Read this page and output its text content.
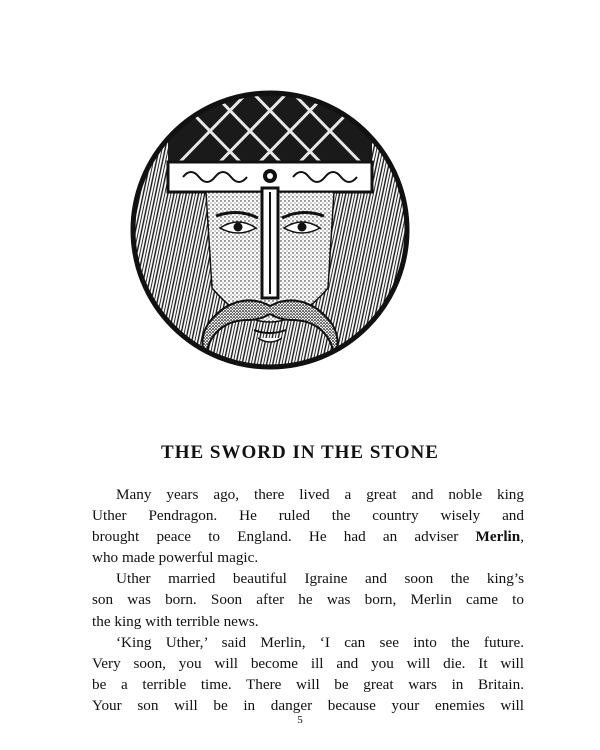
THE SWORD IN THE STONE
Many years ago, there lived a great and noble king
Uther Pendragon. He ruled the country wisely and
brought peace to England. He had an adviser Merlin,
who made powerful magic.
Uther married beautiful Igraine and soon the king’s
son was born. Soon after he was born, Merlin came to
the king with terrible news.
‘King Uther,’ said Merlin, ‘I can see into the future.
Very soon, you will become ill and you will die. It will
be a terrible time. There will be great wars in Britain.
Your son will be in danger because your enemies will
5
